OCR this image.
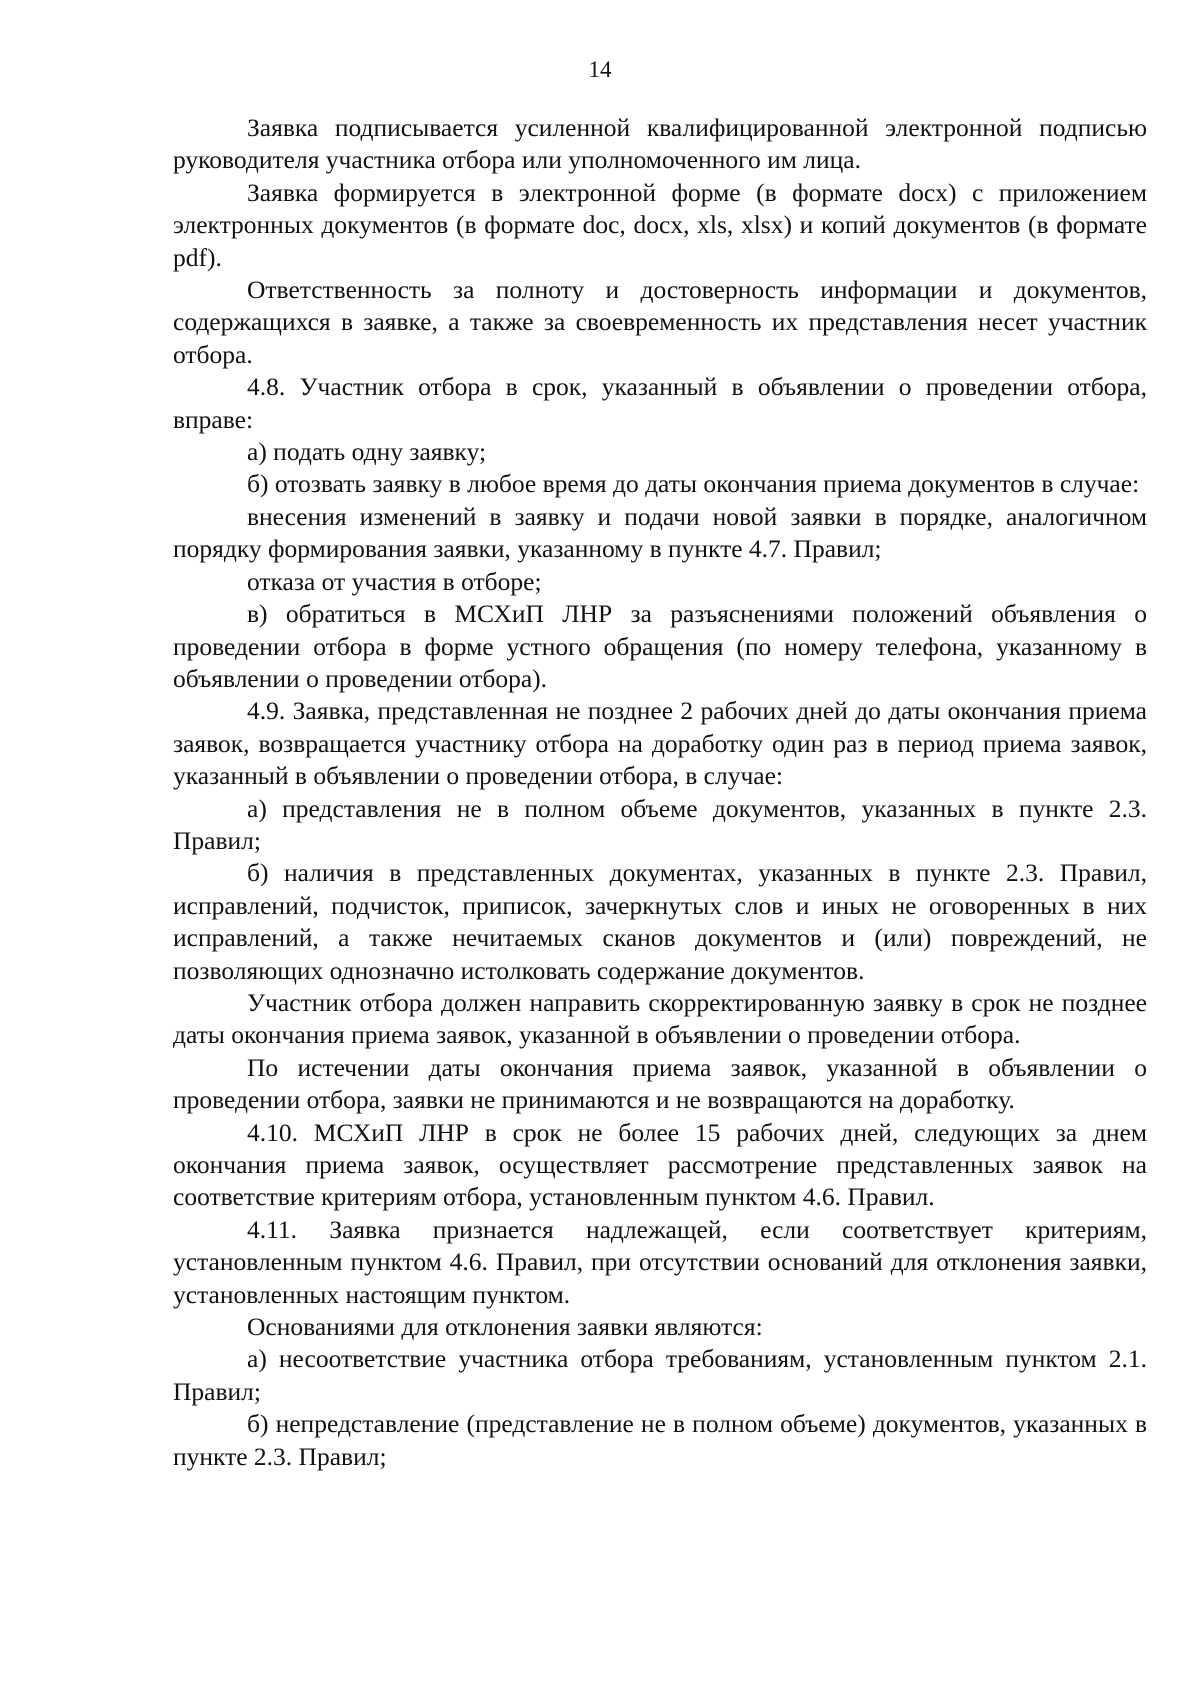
14

Заявка подписывается усиленной квалифицированной электронной подписью руководителя участника отбора или уполномоченного им лица.

Заявка формируется в электронной форме (в формате docx) с приложением электронных документов (в формате doc, docx, xls, xlsx) и копий документов (в формате pdf).

Ответственность за полноту и достоверность информации и документов, содержащихся в заявке, а также за своевременность их представления несет участник отбора.

4.8. Участник отбора в срок, указанный в объявлении о проведении отбора, вправе:

а) подать одну заявку;

б) отозвать заявку в любое время до даты окончания приема документов в случае:

внесения изменений в заявку и подачи новой заявки в порядке, аналогичном порядку формирования заявки, указанному в пункте 4.7. Правил;

отказа от участия в отборе;

в) обратиться в МСХиП ЛНР за разъяснениями положений объявления о проведении отбора в форме устного обращения (по номеру телефона, указанному в объявлении о проведении отбора).

4.9. Заявка, представленная не позднее 2 рабочих дней до даты окончания приема заявок, возвращается участнику отбора на доработку один раз в период приема заявок, указанный в объявлении о проведении отбора, в случае:

а) представления не в полном объеме документов, указанных в пункте 2.3. Правил;

б) наличия в представленных документах, указанных в пункте 2.3. Правил, исправлений, подчисток, приписок, зачеркнутых слов и иных не оговоренных в них исправлений, а также нечитаемых сканов документов и (или) повреждений, не позволяющих однозначно истолковать содержание документов.

Участник отбора должен направить скорректированную заявку в срок не позднее даты окончания приема заявок, указанной в объявлении о проведении отбора.

По истечении даты окончания приема заявок, указанной в объявлении о проведении отбора, заявки не принимаются и не возвращаются на доработку.

4.10. МСХиП ЛНР в срок не более 15 рабочих дней, следующих за днем окончания приема заявок, осуществляет рассмотрение представленных заявок на соответствие критериям отбора, установленным пунктом 4.6. Правил.

4.11. Заявка признается надлежащей, если соответствует критериям, установленным пунктом 4.6. Правил, при отсутствии оснований для отклонения заявки, установленных настоящим пунктом.

Основаниями для отклонения заявки являются:

а) несоответствие участника отбора требованиям, установленным пунктом 2.1. Правил;

б) непредставление (представление не в полном объеме) документов, указанных в пункте 2.3. Правил;
